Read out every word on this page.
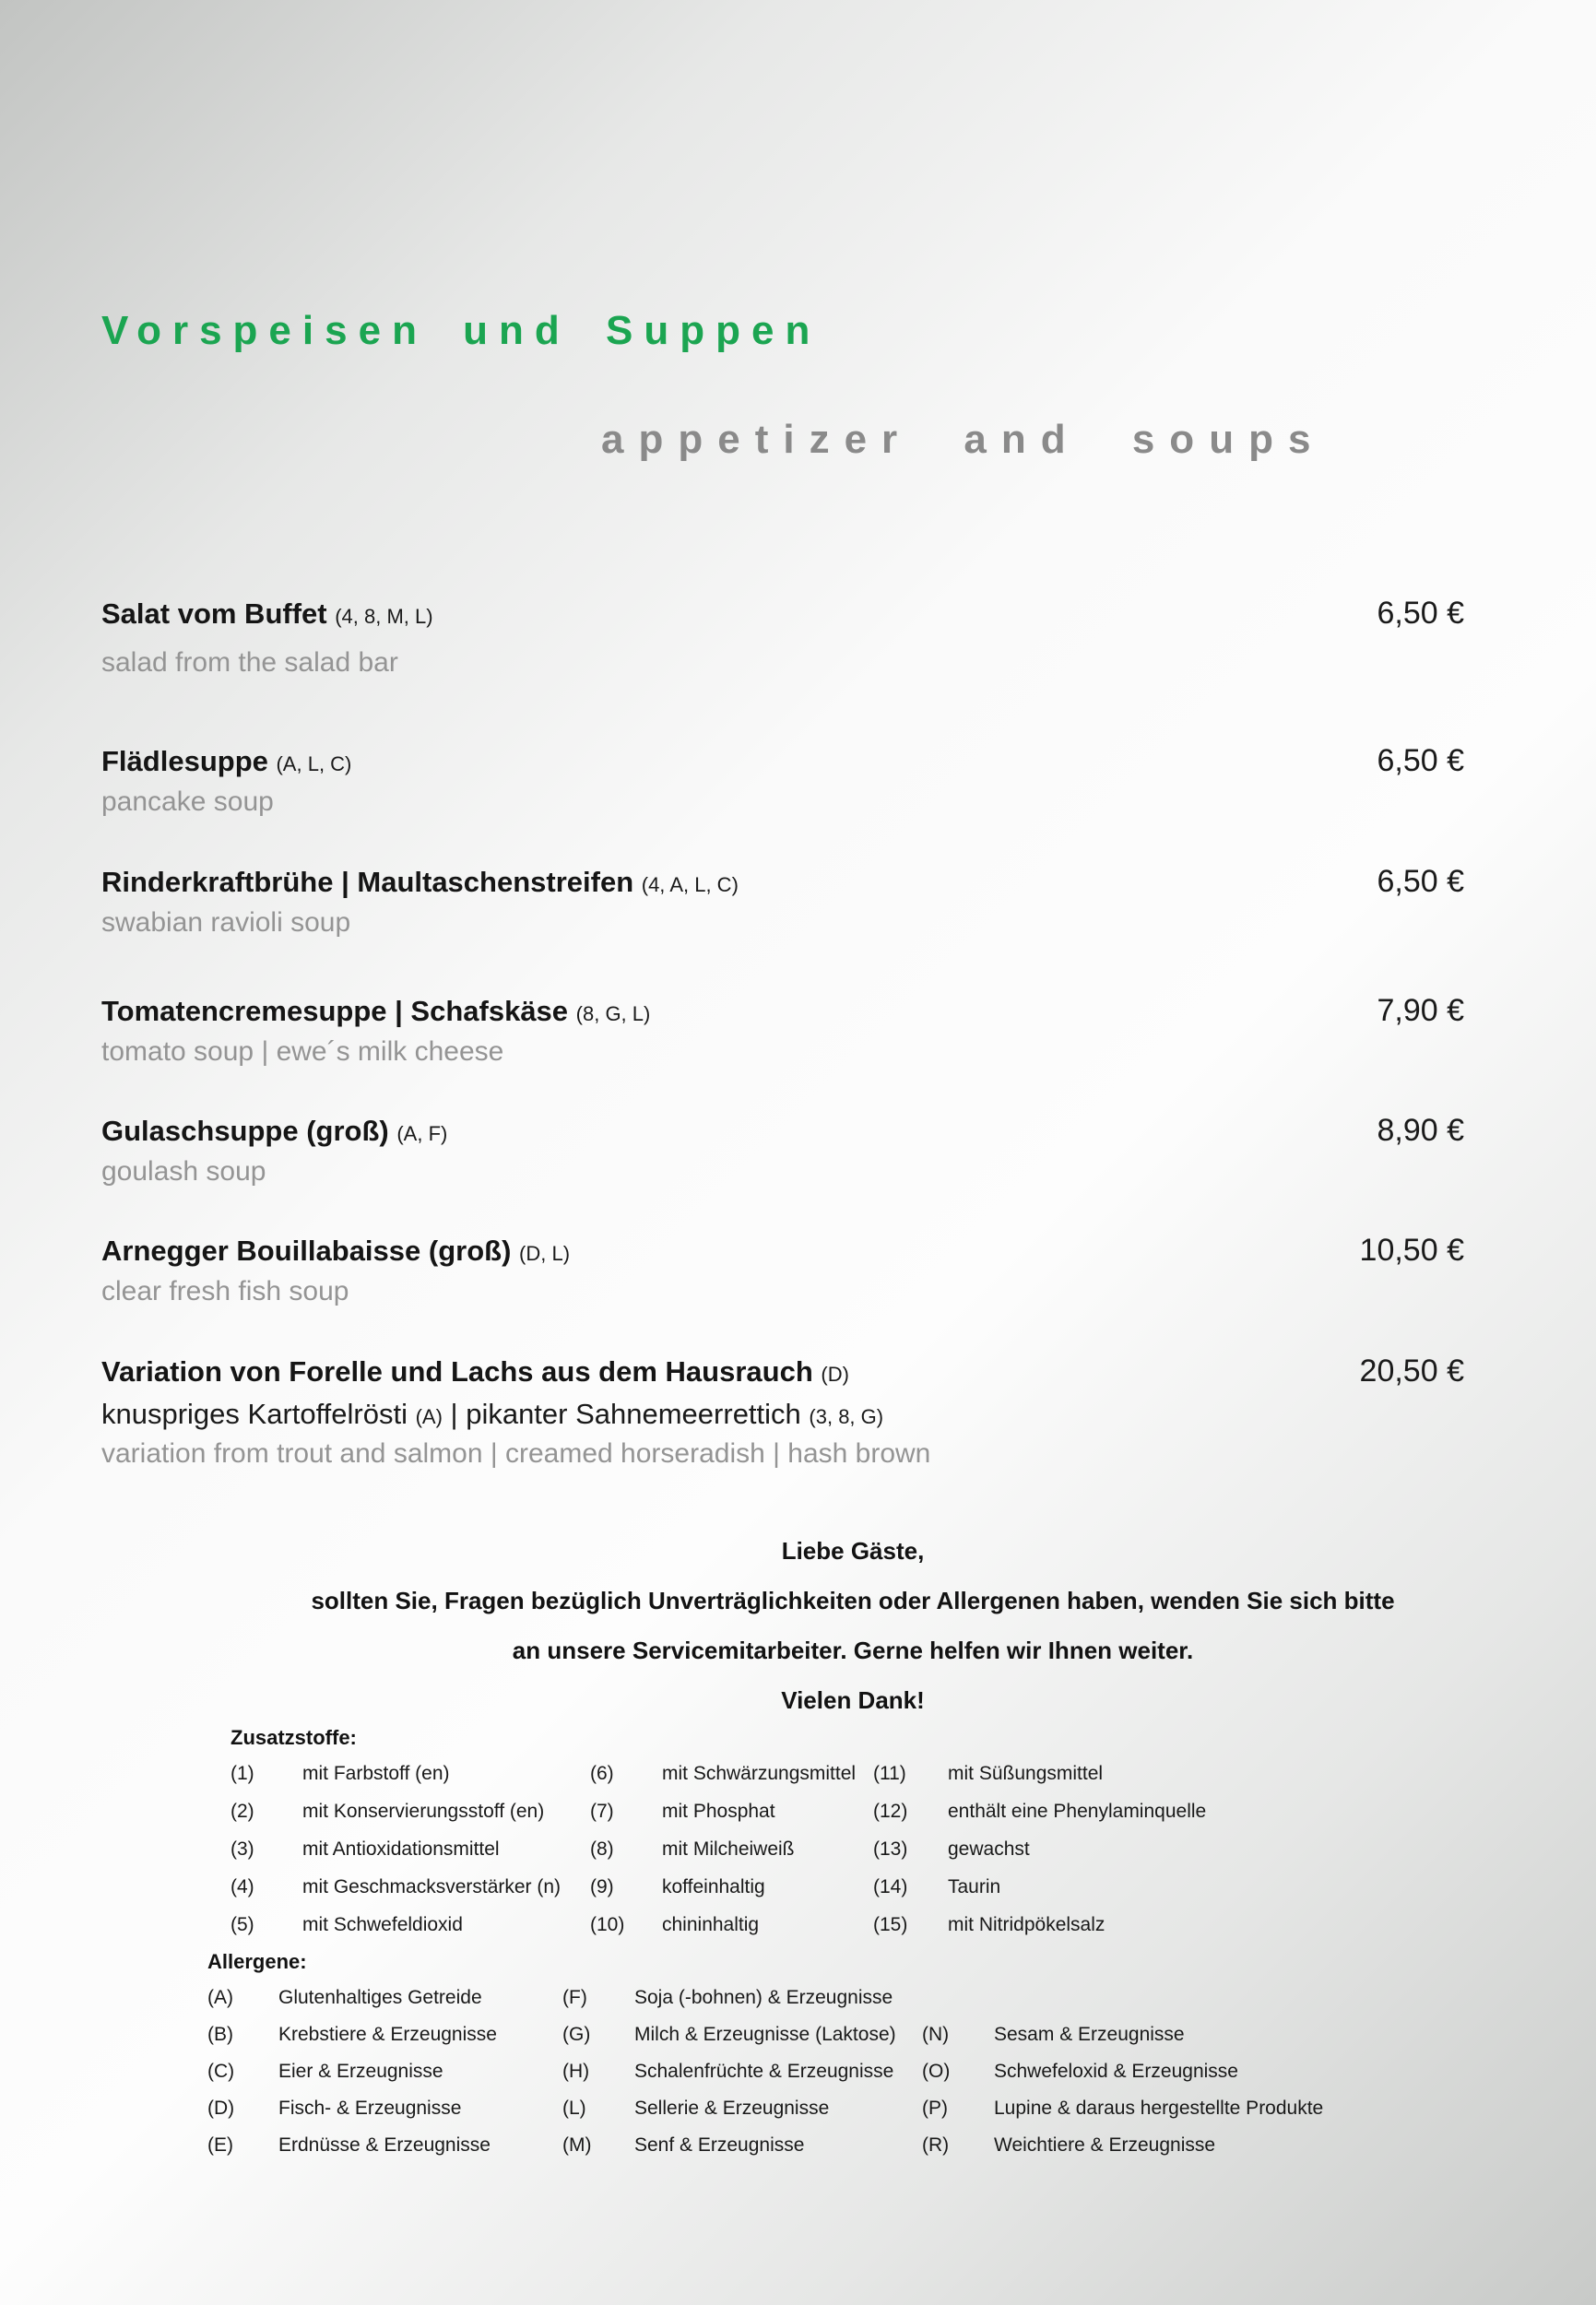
Vorspeisen und Suppen
appetizer and soups
Salat vom Buffet (4, 8, M, L)	6,50 €
salad from the salad bar
Flädlesuppe (A, L, C)	6,50 €
pancake soup
Rinderkraftbrühe | Maultaschenstreifen (4, A, L, C)	6,50 €
swabian ravioli soup
Tomatencremesuppe | Schafskäse (8, G, L)	7,90 €
tomato soup | ewe´s milk cheese
Gulaschsuppe (groß) (A, F)	8,90 €
goulash soup
Arnegger Bouillabaisse (groß) (D, L)	10,50 €
clear fresh fish soup
Variation von Forelle und Lachs aus dem Hausrauch (D)	20,50 €
knuspriges Kartoffelrösti (A) | pikanter Sahnemeerrettich (3, 8, G)
variation from trout and salmon | creamed horseradish | hash brown
Liebe Gäste,
sollten Sie, Fragen bezüglich Unverträglichkeiten oder Allergenen haben, wenden Sie sich bitte
an unsere Servicemitarbeiter. Gerne helfen wir Ihnen weiter.
Vielen Dank!
Zusatzstoffe:
(1) mit Farbstoff (en)	(6) mit Schwärzungsmittel (11) mit Süßungsmittel
(2) mit Konservierungsstoff (en) (7) mit Phosphat	(12) enthält eine Phenylaminquelle
(3) mit Antioxidationsmittel	(8) mit Milcheiweiß	(13) gewachst
(4) mit Geschmacksverstärker (n) (9) koffeinhaltig	(14) Taurin
(5) mit Schwefeldioxid	(10) chininhaltig	(15) mit Nitridpökelsalz
Allergene:
(A) Glutenhaltiges Getreide	(F) Soja (-bohnen) & Erzeugnisse
(B) Krebstiere & Erzeugnisse	(G) Milch & Erzeugnisse (Laktose) (N) Sesam & Erzeugnisse
(C) Eier & Erzeugnisse	(H) Schalenfrüchte & Erzeugnisse (O) Schwefeloxid & Erzeugnisse
(D) Fisch- & Erzeugnisse	(L) Sellerie & Erzeugnisse	(P) Lupine & daraus hergestellte Produkte
(E) Erdnüsse & Erzeugnisse	(M) Senf & Erzeugnisse	(R) Weichtiere & Erzeugnisse
